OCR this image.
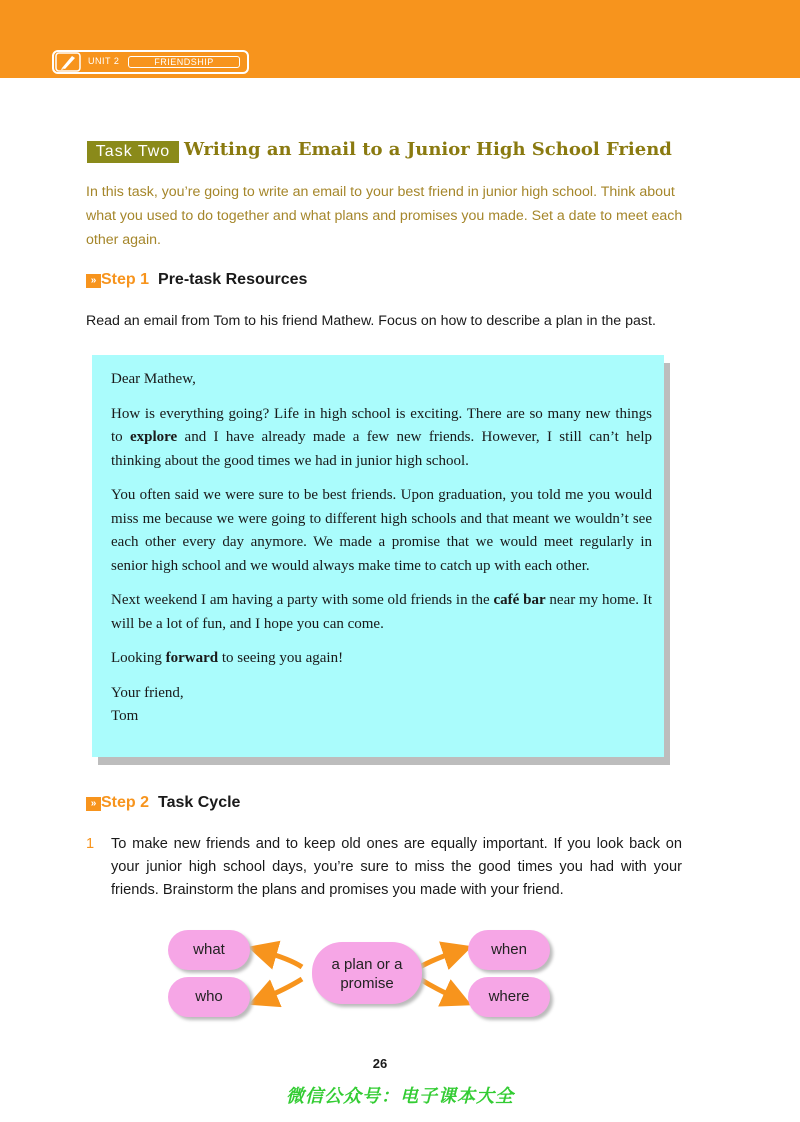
UNIT 2	FRIENDSHIP
Task Two Writing an Email to a Junior High School Friend
In this task, you’re going to write an email to your best friend in junior high school. Think about what you used to do together and what plans and promises you made. Set a date to meet each other again.
» Step 1 Pre-task Resources
Read an email from Tom to his friend Mathew. Focus on how to describe a plan in the past.

Dear Mathew,

How is everything going? Life in high school is exciting. There are so many new things to explore and I have already made a few new friends. However, I still can’t help thinking about the good times we had in junior high school.

You often said we were sure to be best friends. Upon graduation, you told me you would miss me because we were going to different high schools and that meant we wouldn’t see each other every day anymore. We made a promise that we would meet regularly in senior high school and we would always make time to catch up with each other.

Next weekend I am having a party with some old friends in the café bar near my home. It will be a lot of fun, and I hope you can come.

Looking forward to seeing you again!

Your friend,

Tom

» Step 2 Task Cycle
1 To make new friends and to keep old ones are equally important. If you look back on your junior high school days, you’re sure to miss the good times you had with your friends. Brainstorm the plans and promises you made with your friend.
what
who
when
where
a plan or a
promise
26
微信公众号：电子课本大全
